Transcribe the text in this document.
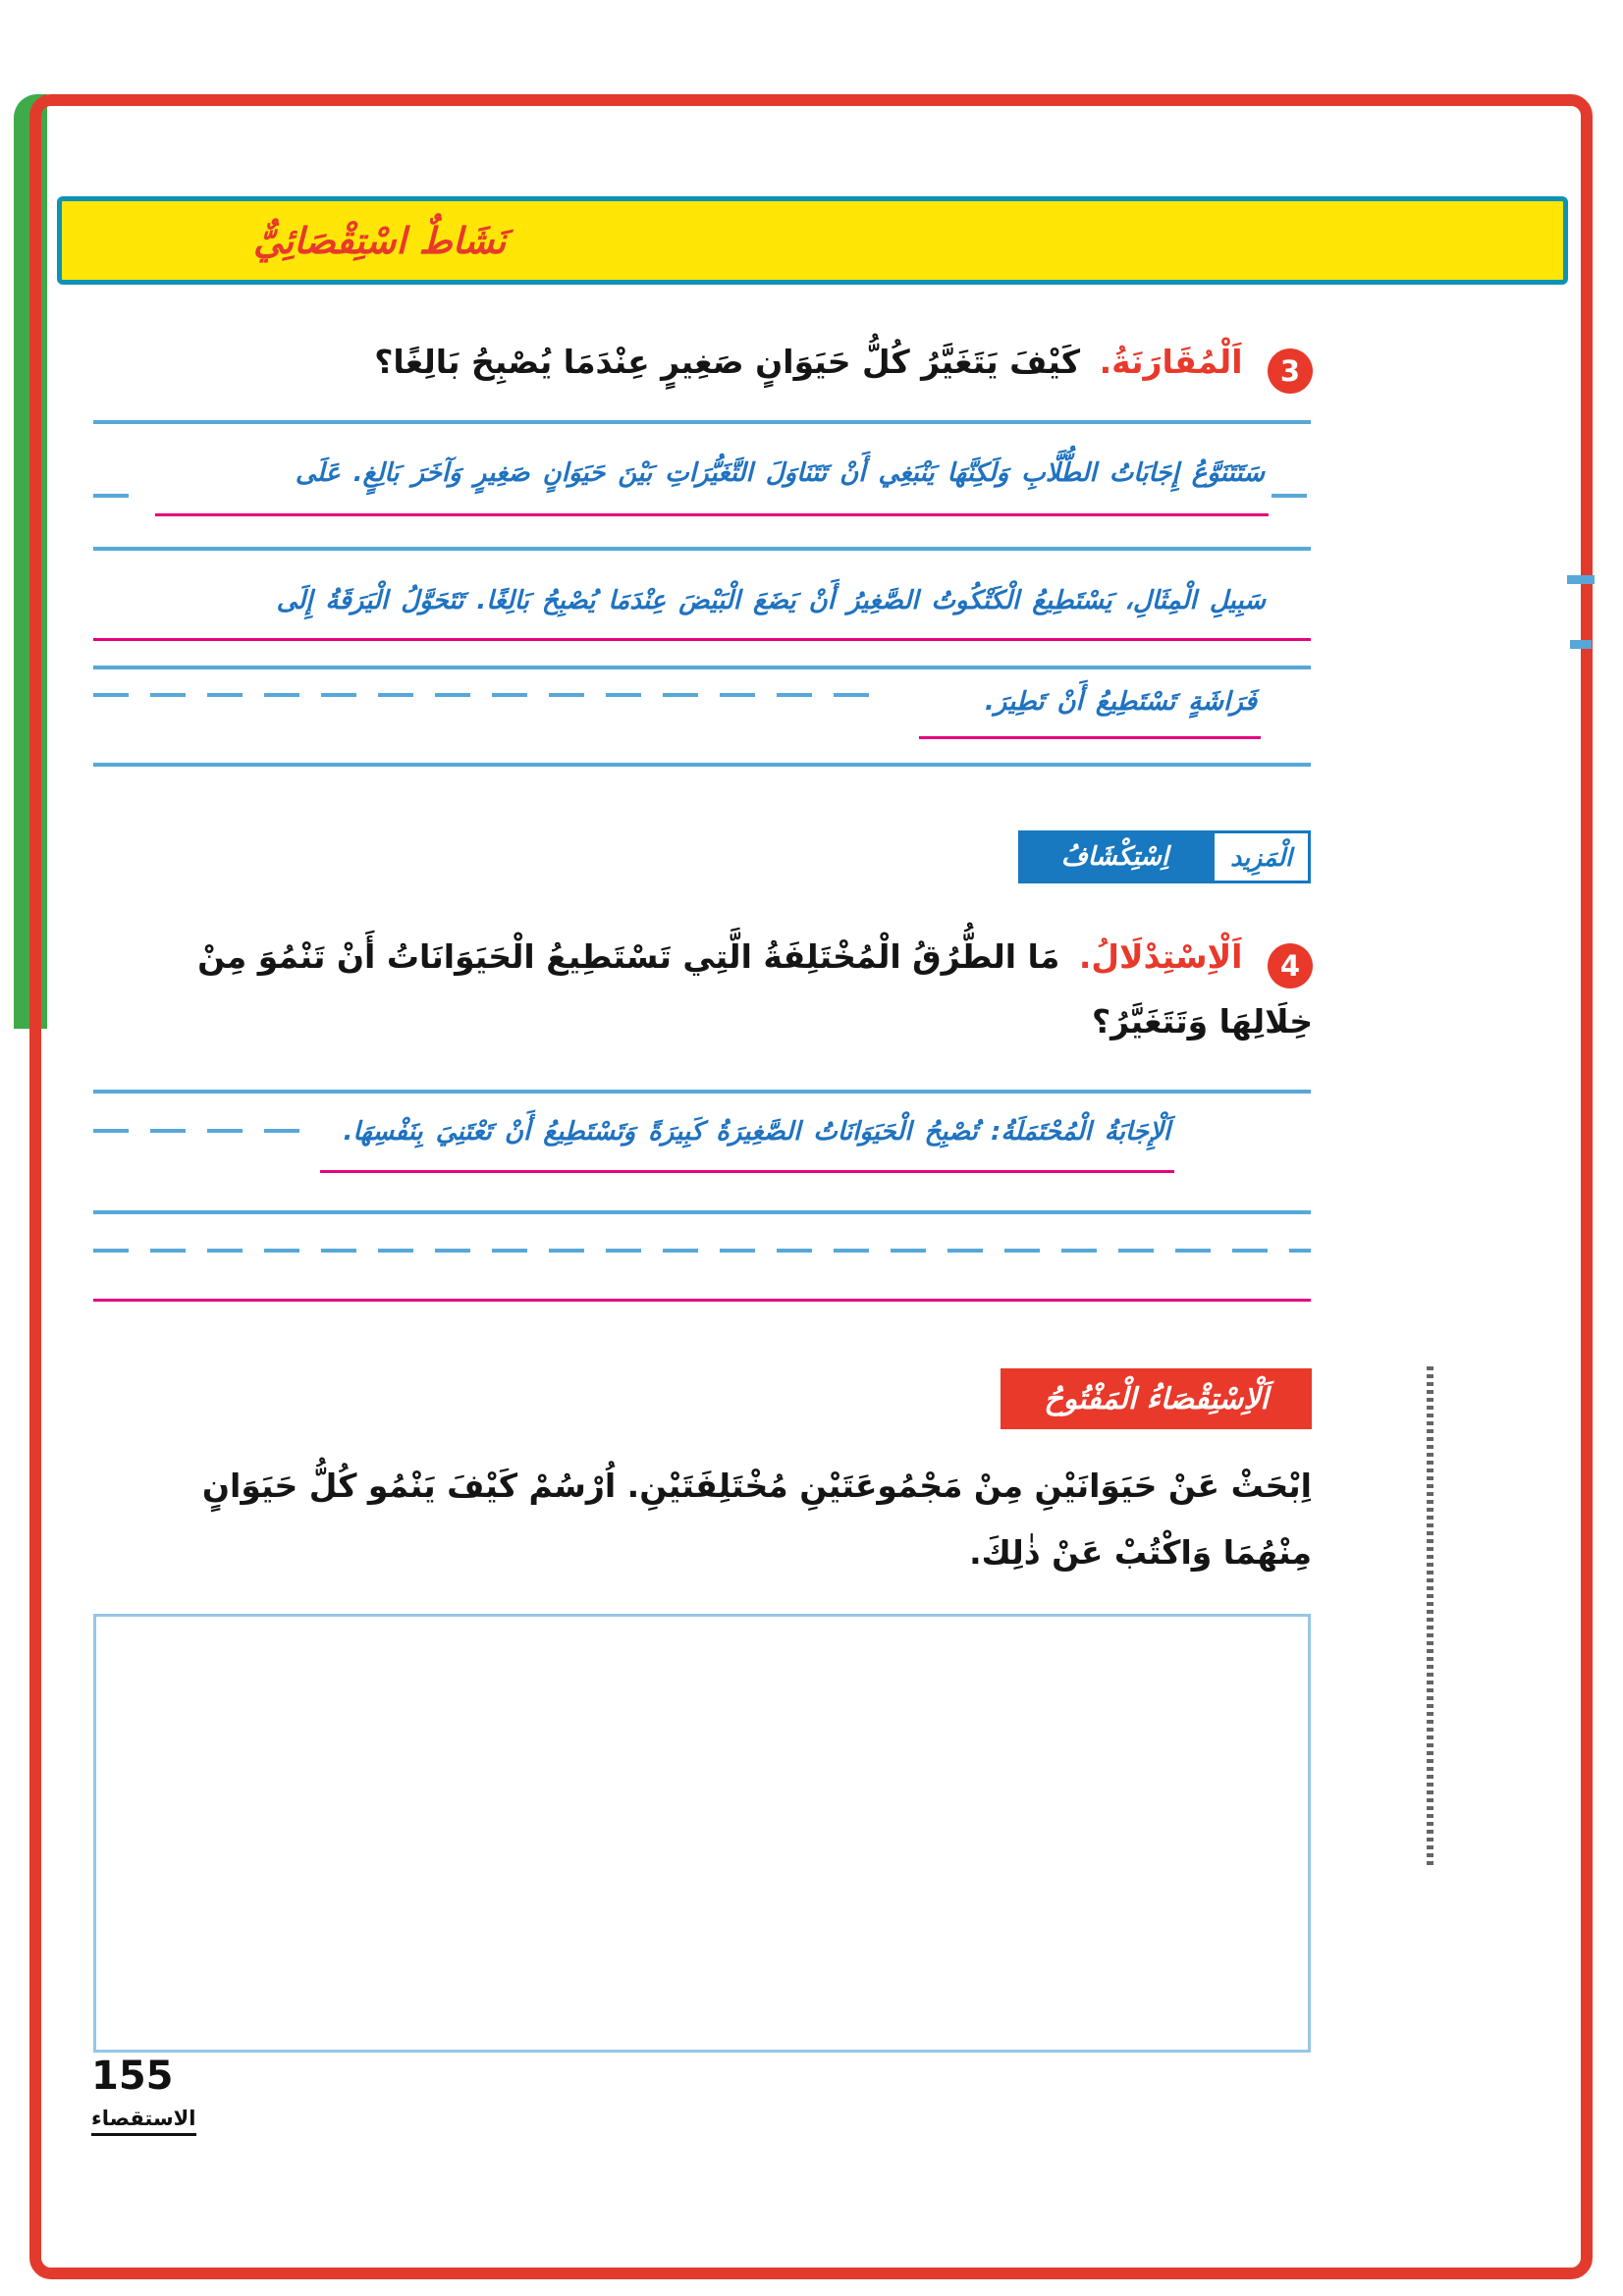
نَشَاطٌ اسْتِقْصَائِيٌّ
3 اَلْمُقَارَنَةُ. كَيْفَ يَتَغَيَّرُ كُلُّ حَيَوَانٍ صَغِيرٍ عِنْدَمَا يُصْبِحُ بَالِغًا؟
سَتَتَنَوَّعُ إِجَابَاتُ الطُّلَّابِ وَلَكِنَّهَا يَنْبَغِي أَنْ تَتَنَاوَلَ التَّغَيُّرَاتِ بَيْنَ حَيَوَانٍ صَغِيرٍ وَآخَرَ بَالِغٍ. عَلَى
سَبِيلِ الْمِثَالِ، يَسْتَطِيعُ الْكَتْكُوتُ الصَّغِيرُ أَنْ يَضَعَ الْبَيْضَ عِنْدَمَا يُصْبِحُ بَالِغًا. تَتَحَوَّلُ الْيَرَقَةُ إِلَى
فَرَاشَةٍ تَسْتَطِيعُ أَنْ تَطِيرَ.
اِسْتِكْشَافُ	الْمَزِيد
4 اَلْاِسْتِدْلَالُ. مَا الطُّرُقُ الْمُخْتَلِفَةُ الَّتِي تَسْتَطِيعُ الْحَيَوَانَاتُ أَنْ تَنْمُوَ مِنْ خِلَالِهَا وَتَتَغَيَّرُ؟
اَلْإِجَابَةُ الْمُحْتَمَلَةُ: تُصْبِحُ الْحَيَوَانَاتُ الصَّغِيرَةُ كَبِيرَةً وَتَسْتَطِيعُ أَنْ تَعْتَنِيَ بِنَفْسِهَا.
اَلْاِسْتِقْصَاءُ الْمَفْتُوحُ
اِبْحَثْ عَنْ حَيَوَانَيْنِ مِنْ مَجْمُوعَتَيْنِ مُخْتَلِفَتَيْنِ. اُرْسُمْ كَيْفَ يَنْمُو كُلُّ حَيَوَانٍ مِنْهُمَا وَاكْتُبْ عَنْ ذٰلِكَ.
155
الاستقصاء
